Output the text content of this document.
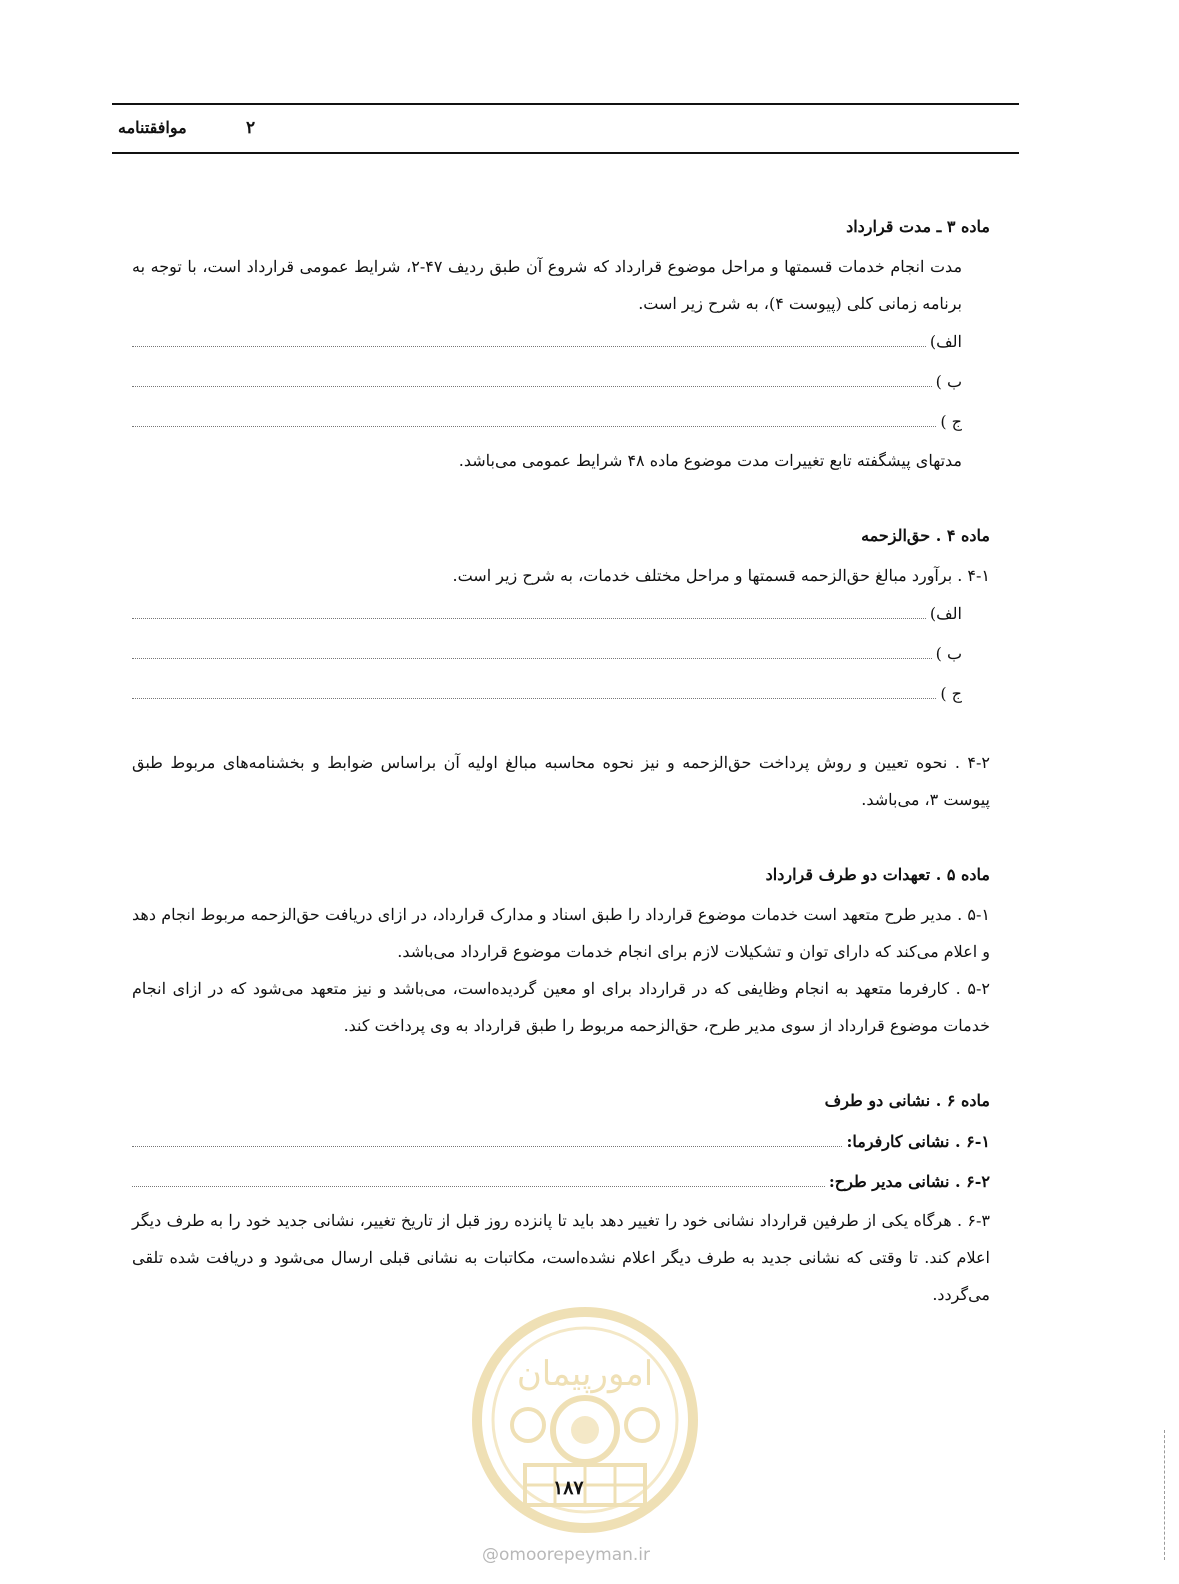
۲
موافقتنامه
ماده ۳ ـ مدت قرارداد

مدت انجام خدمات قسمتها و مراحل موضوع قرارداد که شروع آن طبق ردیف ۴۷-۲، شرایط عمومی قرارداد است، با توجه به برنامه زمانی کلی (پیوست ۴)، به شرح زیر است.

الف)
ب )
ج )

مدتهای پیشگفته تابع تغییرات مدت موضوع ماده ۴۸ شرایط عمومی می‌باشد.

ماده ۴ . حق‌الزحمه

۴-۱ . برآورد مبالغ حق‌الزحمه قسمتها و مراحل مختلف خدمات، به شرح زیر است.

الف)
ب )
ج )

۴-۲ . نحوه تعیین و روش پرداخت حق‌الزحمه و نیز نحوه محاسبه مبالغ اولیه آن براساس ضوابط و بخشنامه‌های مربوط طبق پیوست ۳، می‌باشد.

ماده ۵ . تعهدات دو طرف قرارداد

۵-۱ . مدیر طرح متعهد است خدمات موضوع قرارداد را طبق اسناد و مدارک قرارداد، در ازای دریافت حق‌الزحمه مربوط انجام دهد و اعلام می‌کند که دارای توان و تشکیلات لازم برای انجام خدمات موضوع قرارداد می‌باشد.

۵-۲ . کارفرما متعهد به انجام وظایفی که در قرارداد برای او معین گردیده‌است، می‌باشد و نیز متعهد می‌شود که در ازای انجام خدمات موضوع قرارداد از سوی مدیر طرح، حق‌الزحمه مربوط را طبق قرارداد به وی پرداخت کند.

ماده ۶ . نشانی دو طرف
۶-۱ . نشانی کارفرما:
۶-۲ . نشانی مدیر طرح:

۶-۳ . هرگاه یکی از طرفین قرارداد نشانی خود را تغییر دهد باید تا پانزده روز قبل از تاریخ تغییر، نشانی جدید خود را به طرف دیگر اعلام کند. تا وقتی که نشانی جدید به طرف دیگر اعلام نشده‌است، مکاتبات به نشانی قبلی ارسال می‌شود و دریافت شده تلقی می‌گردد.

امورپیمان
۱۸۷
@omoorepeyman.ir
